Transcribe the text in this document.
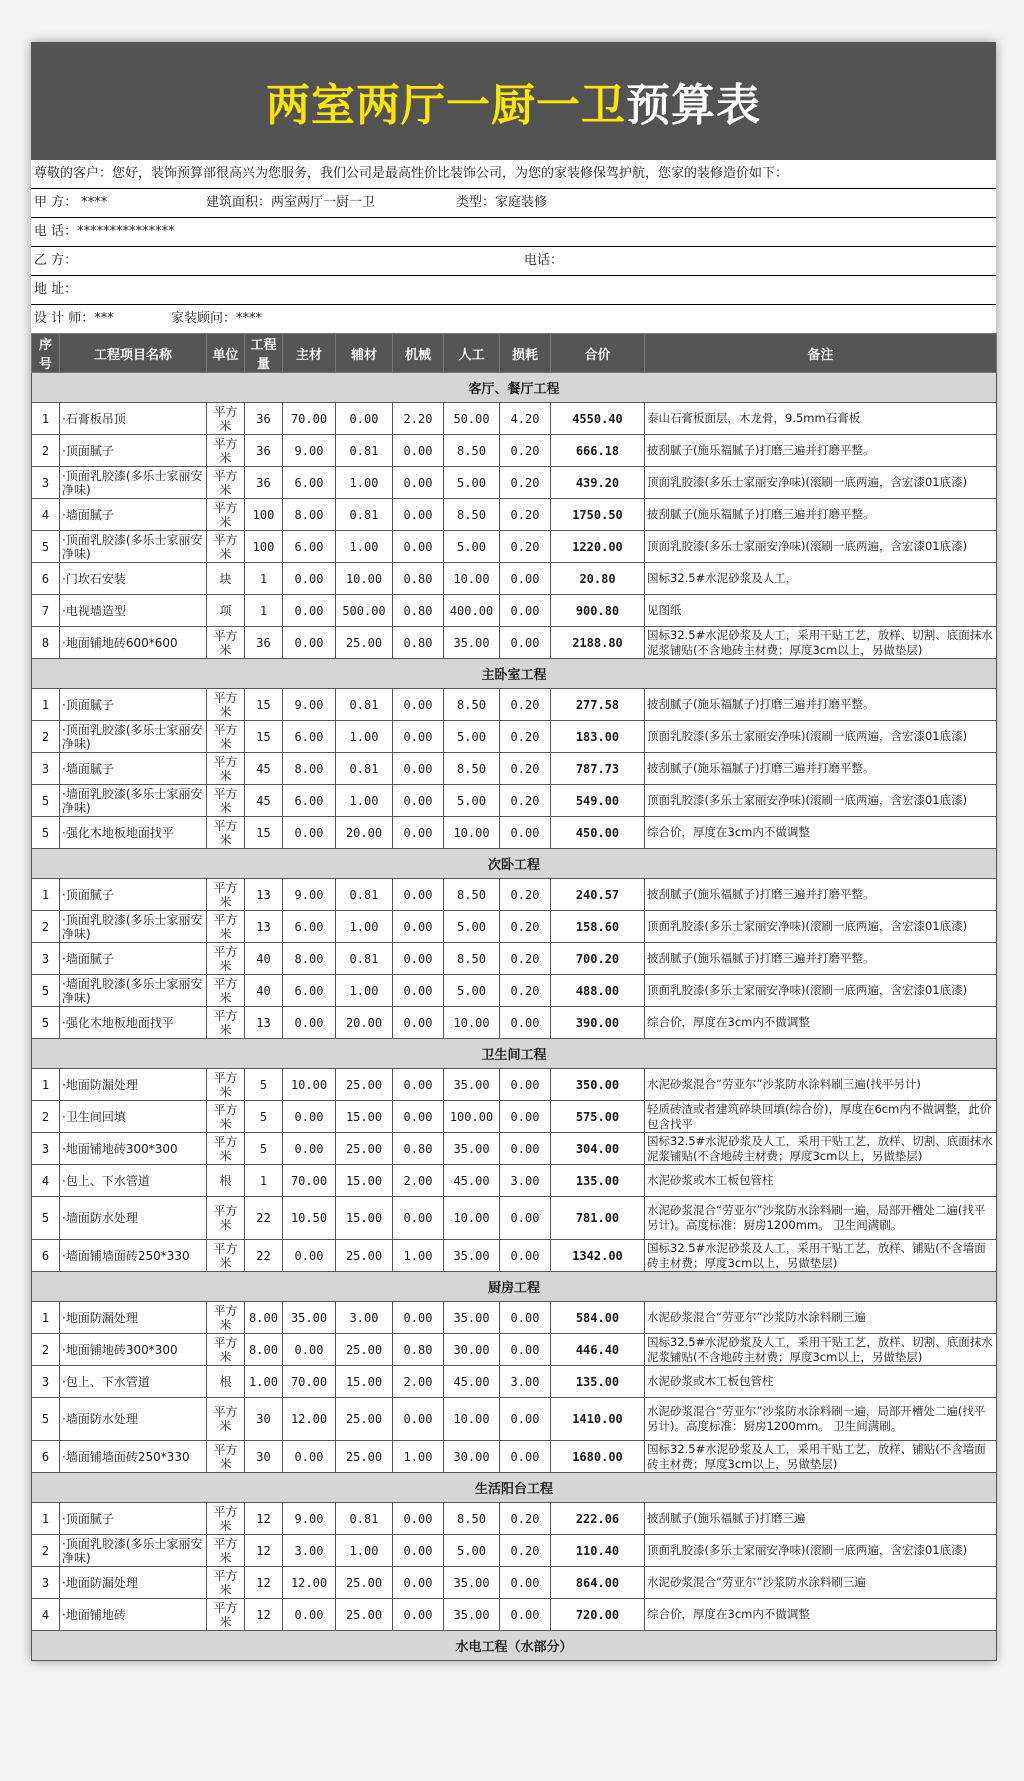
两室两厅一厨一卫 预算表
尊敬的客户：您好，装饰预算部很高兴为您服务，我们公司是最高性价比装饰公司，为您的家装修保驾护航，您家的装修造价如下：
甲 方： ****	建筑面积：两室两厅一厨一卫	类型：家庭装修
电 话：***************
乙 方：	电话：
地 址：
设 计 师：***	家装顾问：****
序号	工程项目名称	单位	工程量	主材	辅材	机械	人工	损耗	合价	备注
客厅、餐厅工程										
1	·石膏板吊顶	平方米	36	70.00	0.00	2.20	50.00	4.20	4550.40	泰山石膏板面层，木龙骨，9.5mm石膏板

2	·顶面腻子	平方米	36	9.00	0.81	0.00	8.50	0.20	666.18	披刮腻子(施乐福腻子)打磨三遍并打磨平整。

3	·顶面乳胶漆(多乐士家丽安净味)	平方米	36	6.00	1.00	0.00	5.00	0.20	439.20	顶面乳胶漆(多乐士家丽安净味)(滚刷一底两遍，含宏漆01底漆)

4	·墙面腻子	平方米	100	8.00	0.81	0.00	8.50	0.20	1750.50	披刮腻子(施乐福腻子)打磨三遍并打磨平整。

5	·顶面乳胶漆(多乐士家丽安净味)	平方米	100	6.00	1.00	0.00	5.00	0.20	1220.00	顶面乳胶漆(多乐士家丽安净味)(滚刷一底两遍，含宏漆01底漆)

6	·门坎石安装	块	1	0.00	10.00	0.80	10.00	0.00	20.80	国标32.5#水泥砂浆及人工，

7	·电视墙造型	项	1	0.00	500.00	0.80	400.00	0.00	900.80	见图纸

8	·地面铺地砖600*600	平方米	36	0.00	25.00	0.80	35.00	0.00	2188.80	国标32.5#水泥砂浆及人工，采用干贴工艺，放样、切割、底面抹水泥浆铺贴(不含地砖主材费；厚度3cm以上，另做垫层)

主卧室工程										
1	·顶面腻子	平方米	15	9.00	0.81	0.00	8.50	0.20	277.58	披刮腻子(施乐福腻子)打磨三遍并打磨平整。

2	·顶面乳胶漆(多乐士家丽安净味)	平方米	15	6.00	1.00	0.00	5.00	0.20	183.00	顶面乳胶漆(多乐士家丽安净味)(滚刷一底两遍，含宏漆01底漆)

3	·墙面腻子	平方米	45	8.00	0.81	0.00	8.50	0.20	787.73	披刮腻子(施乐福腻子)打磨三遍并打磨平整。

5	·墙面乳胶漆(多乐士家丽安净味)	平方米	45	6.00	1.00	0.00	5.00	0.20	549.00	顶面乳胶漆(多乐士家丽安净味)(滚刷一底两遍，含宏漆01底漆)

5	·强化木地板地面找平	平方米	15	0.00	20.00	0.00	10.00	0.00	450.00	综合价，厚度在3cm内不做调整

次卧工程										
1	·顶面腻子	平方米	13	9.00	0.81	0.00	8.50	0.20	240.57	披刮腻子(施乐福腻子)打磨三遍并打磨平整。

2	·顶面乳胶漆(多乐士家丽安净味)	平方米	13	6.00	1.00	0.00	5.00	0.20	158.60	顶面乳胶漆(多乐士家丽安净味)(滚刷一底两遍，含宏漆01底漆)

3	·墙面腻子	平方米	40	8.00	0.81	0.00	8.50	0.20	700.20	披刮腻子(施乐福腻子)打磨三遍并打磨平整。

5	·墙面乳胶漆(多乐士家丽安净味)	平方米	40	6.00	1.00	0.00	5.00	0.20	488.00	顶面乳胶漆(多乐士家丽安净味)(滚刷一底两遍，含宏漆01底漆)

5	·强化木地板地面找平	平方米	13	0.00	20.00	0.00	10.00	0.00	390.00	综合价，厚度在3cm内不做调整

卫生间工程										
1	·地面防漏处理	平方米	5	10.00	25.00	0.00	35.00	0.00	350.00	水泥砂浆混合“劳亚尔”沙浆防水涂料刷三遍(找平另计)

2	·卫生间回填	平方米	5	0.00	15.00	0.00	100.00	0.00	575.00	轻质砖渣或者建筑碎块回填(综合价)，厚度在6cm内不做调整，此价包含找平

3	·地面铺地砖300*300	平方米	5	0.00	25.00	0.80	35.00	0.00	304.00	国标32.5#水泥砂浆及人工，采用干贴工艺，放样、切割、底面抹水泥浆铺贴(不含地砖主材费；厚度3cm以上，另做垫层)

4	·包上、下水管道	根	1	70.00	15.00	2.00	45.00	3.00	135.00	水泥砂浆或木工板包管柱

5	·墙面防水处理	平方米	22	10.50	15.00	0.00	10.00	0.00	781.00	水泥砂浆混合“劳亚尔”沙浆防水涂料刷一遍，局部开槽处二遍(找平另计)。高度标准：厨房1200mm。 卫生间满刷。

6	·墙面铺墙面砖250*330	平方米	22	0.00	25.00	1.00	35.00	0.00	1342.00	国标32.5#水泥砂浆及人工，采用干贴工艺，放样、铺贴(不含墙面砖主材费；厚度3cm以上，另做垫层)

厨房工程										
1	·地面防漏处理	平方米	8.00	35.00	3.00	0.00	35.00	0.00	584.00	水泥砂浆混合“劳亚尔”沙浆防水涂料刷三遍

2	·地面铺地砖300*300	平方米	8.00	0.00	25.00	0.80	30.00	0.00	446.40	国标32.5#水泥砂浆及人工，采用干贴工艺，放样、切割、底面抹水泥浆铺贴(不含地砖主材费；厚度3cm以上，另做垫层)

3	·包上、下水管道	根	1.00	70.00	15.00	2.00	45.00	3.00	135.00	水泥砂浆或木工板包管柱

5	·墙面防水处理	平方米	30	12.00	25.00	0.00	10.00	0.00	1410.00	水泥砂浆混合“劳亚尔”沙浆防水涂料刷一遍，局部开槽处二遍(找平另计)。高度标准：厨房1200mm。 卫生间满刷。

6	·墙面铺墙面砖250*330	平方米	30	0.00	25.00	1.00	30.00	0.00	1680.00	国标32.5#水泥砂浆及人工，采用干贴工艺，放样、铺贴(不含墙面砖主材费；厚度3cm以上，另做垫层)

生活阳台工程										
1	·顶面腻子	平方米	12	9.00	0.81	0.00	8.50	0.20	222.06	披刮腻子(施乐福腻子)打磨三遍

2	·顶面乳胶漆(多乐士家丽安净味)	平方米	12	3.00	1.00	0.00	5.00	0.20	110.40	顶面乳胶漆(多乐士家丽安净味)(滚刷一底两遍，含宏漆01底漆)

3	·地面防漏处理	平方米	12	12.00	25.00	0.00	35.00	0.00	864.00	水泥砂浆混合“劳亚尔”沙浆防水涂料刷三遍

4	·地面铺地砖	平方米	12	0.00	25.00	0.00	35.00	0.00	720.00	综合价，厚度在3cm内不做调整

水电工程（水部分）										
